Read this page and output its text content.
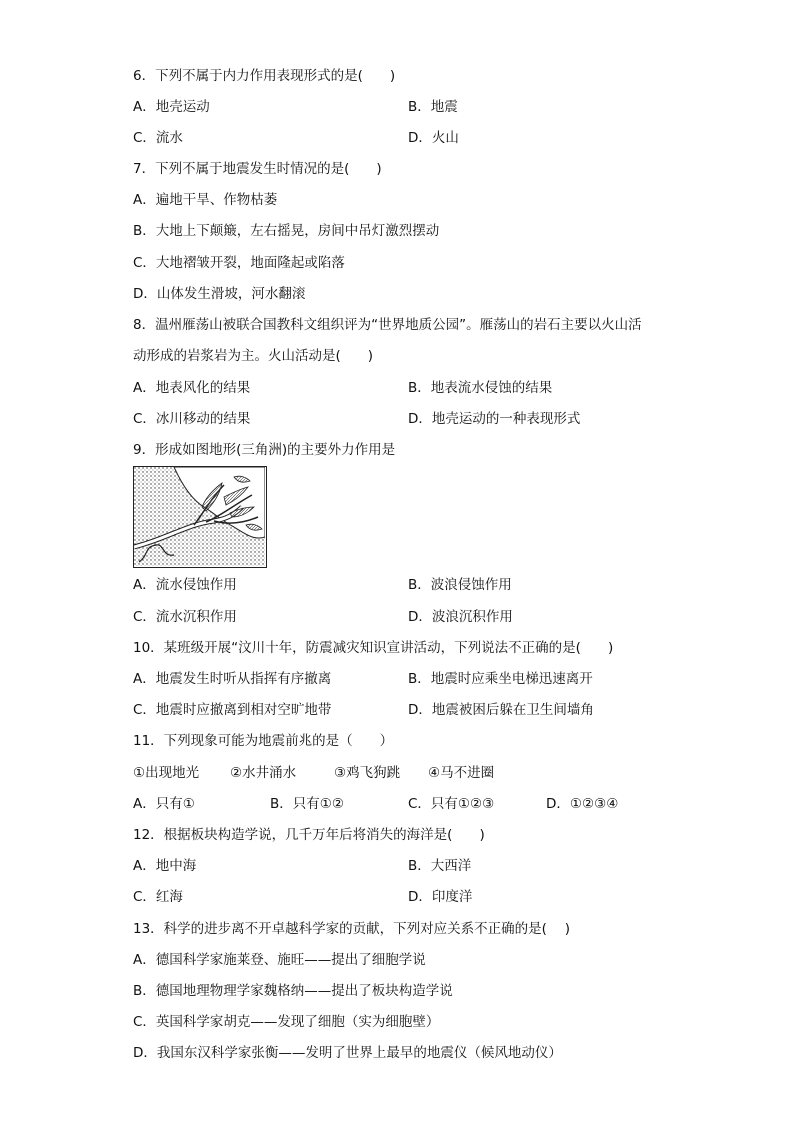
6．下列不属于内力作用表现形式的是(　　)
A．地壳运动	B．地震
C．流水	D．火山
7．下列不属于地震发生时情况的是(　　)
A．遍地干旱、作物枯萎
B．大地上下颠簸，左右摇晃，房间中吊灯激烈摆动
C．大地褶皱开裂，地面隆起或陷落
D．山体发生滑坡，河水翻滚
8．温州雁荡山被联合国教科文组织评为“世界地质公园”。雁荡山的岩石主要以火山活
动形成的岩浆岩为主。火山活动是(　　)
A．地表风化的结果	B．地表流水侵蚀的结果
C．冰川移动的结果	D．地壳运动的一种表现形式
9．形成如图地形(三角洲)的主要外力作用是
A．流水侵蚀作用	B．波浪侵蚀作用
C．流水沉积作用	D．波浪沉积作用
10．某班级开展“汶川十年，防震减灾知识宣讲活动，下列说法不正确的是(　　)
A．地震发生时听从指挥有序撤离	B．地震时应乘坐电梯迅速离开
C．地震时应撤离到相对空旷地带	D．地震被困后躲在卫生间墙角
11．下列现象可能为地震前兆的是（　　）
①出现地光 ②水井涌水	③鸡飞狗跳 ④马不进圈
A．只有①	B．只有①②	C．只有①②③	D．①②③④
12．根据板块构造学说，几千万年后将消失的海洋是(　　)
A．地中海	B．大西洋
C．红海	D．印度洋
13．科学的进步离不开卓越科学家的贡献，下列对应关系不正确的是(　 )
A．德国科学家施莱登、施旺——提出了细胞学说
B．德国地理物理学家魏格纳——提出了板块构造学说
C．英国科学家胡克——发现了细胞（实为细胞壁）
D．我国东汉科学家张衡——发明了世界上最早的地震仪（候风地动仪）
